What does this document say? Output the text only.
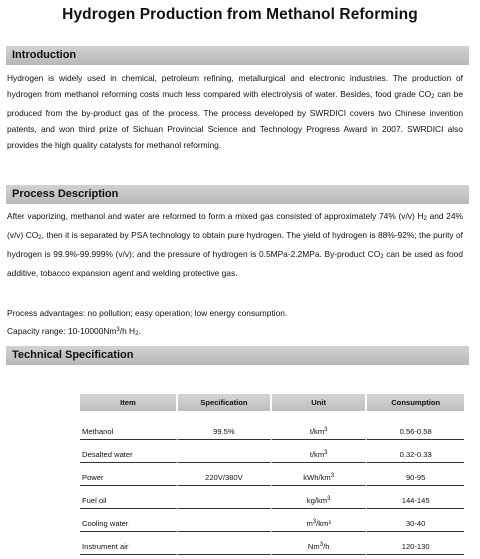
Hydrogen Production from Methanol Reforming
Introduction
Hydrogen is widely used in chemical, petroleum refining, metallurgical and electronic industries. The production of hydrogen from methanol reforming costs much less compared with electrolysis of water. Besides, food grade $CO_2$ can be produced from the by-product gas of the process. The process developed by SWRDICI covers two Chinese invention patents, and won third prize of Sichuan Provincial Science and Technology Progress Award in 2007. SWRDICI also provides the high quality catalysts for methanol reforming.
Process Description
After vaporizing, methanol and water are reformed to form a mixed gas consisted of approximately 74% (v/v) $H_2$ and 24% (v/v) $CO_2$, then it is separated by PSA technology to obtain pure hydrogen. The yield of hydrogen is 88%-92%; the purity of hydrogen is 99.9%-99.999% (v/v); and the pressure of hydrogen is 0.5MPa-2.2MPa. By-product $CO_2$ can be used as food additive, tobacco expansion agent and welding protective gas.
Process advantages: no pollution; easy operation; low energy consumption.
Capacity range: 10-10000Nm$^3$/h $H_2$.
Technical Specification
Item	Specification	Unit	Consumption

Methanol	99.5%	$t/km^3$	0.56-0.58
Desalted water		$t/km^3$	0.32-0.33
Power	220V/380V	kWh/$km^3$	90-95
Fuel oil		$kg/km^3$	144-145
Cooling water		$m^3$/km³	30-40
Instrument air		Nm$^3$/h	120-130
